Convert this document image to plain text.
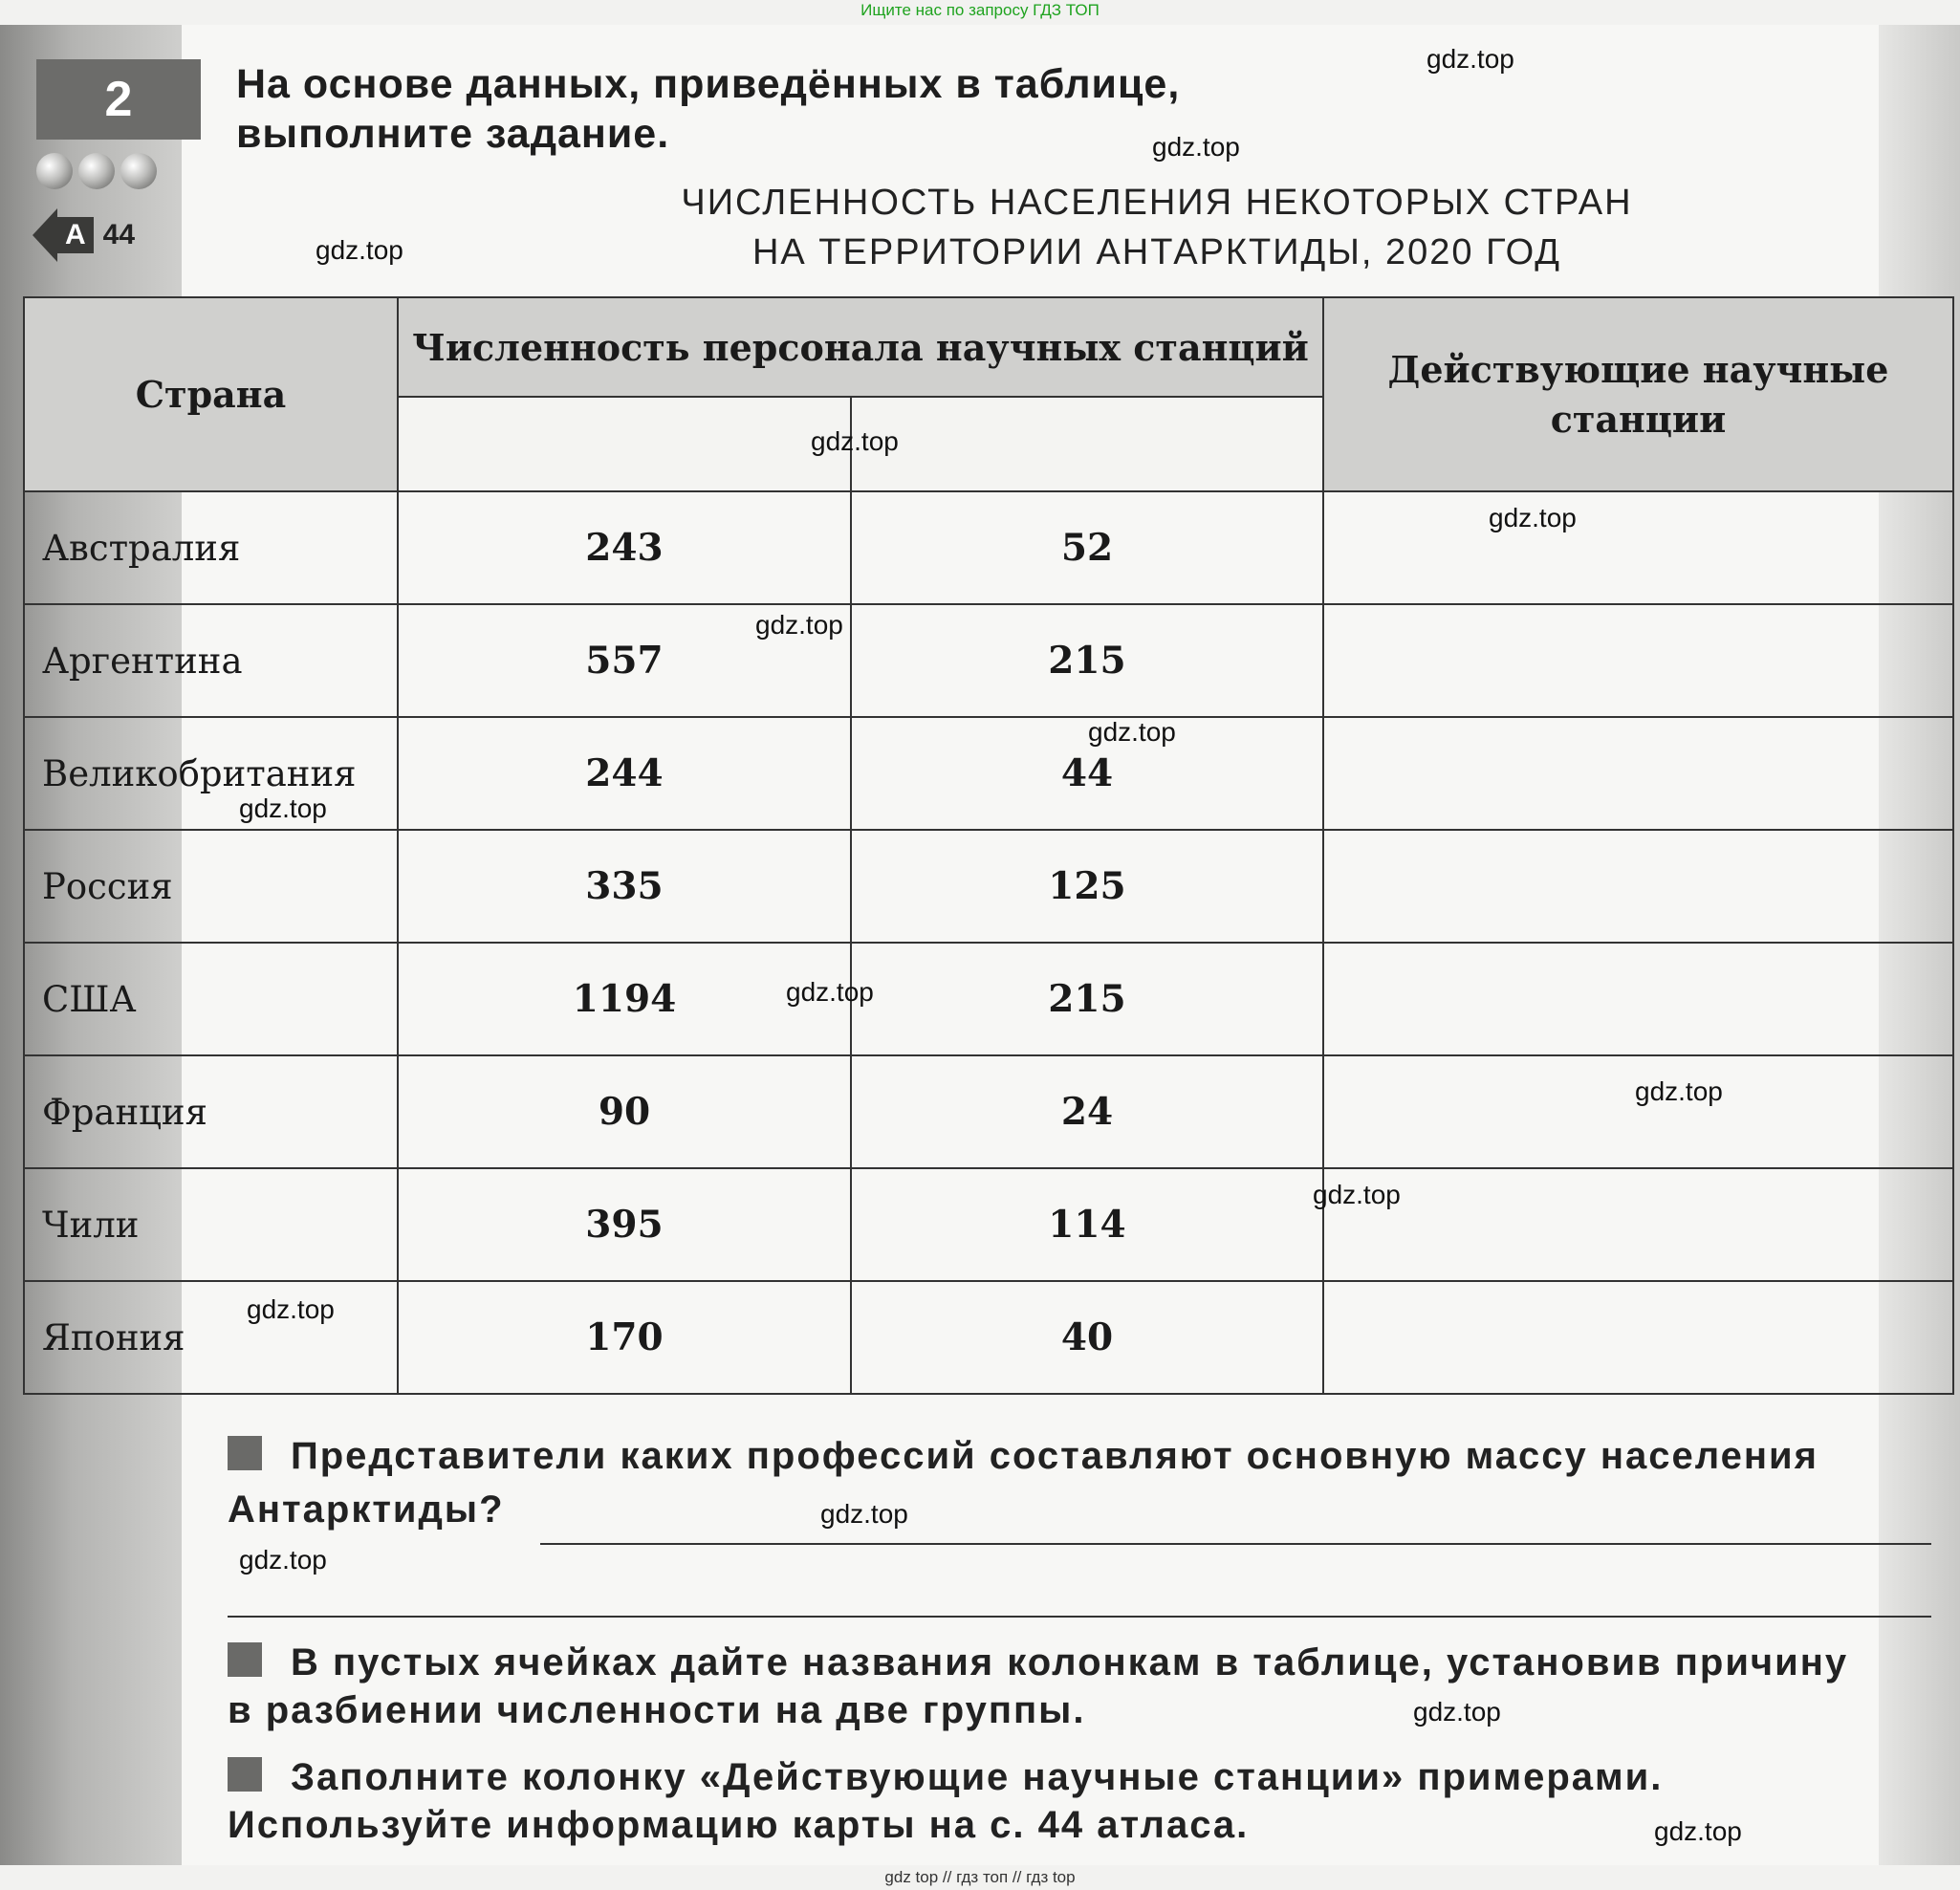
Ищите нас по запросу ГДЗ ТОП
2
А 44
На основе данных, приведённых в таблице,
выполните задание.
ЧИСЛЕННОСТЬ НАСЕЛЕНИЯ НЕКОТОРЫХ СТРАН
НА ТЕРРИТОРИИ АНТАРКТИДЫ, 2020 ГОД
Страна	Численность персонала научных станций		Действующие научные
станции

Австралия	243	52	
Аргентина	557	215	
Великобритания	244	44	
Россия	335	125	
США	1194	215	
Франция	90	24	
Чили	395	114	
Япония	170	40	
Представители каких профессий составляют основную массу населения
Антарктиды?
В пустых ячейках дайте названия колонкам в таблице, установив причину
в разбиении численности на две группы.
Заполните колонку «Действующие научные станции» примерами.
Используйте информацию карты на с. 44 атласа.
gdz.top
gdz.top
gdz.top
gdz.top
gdz.top
gdz.top
gdz.top
gdz.top
gdz.top
gdz.top
gdz.top
gdz.top
gdz.top
gdz.top
gdz.top
gdz.top
gdz top // гдз топ // гдз top
